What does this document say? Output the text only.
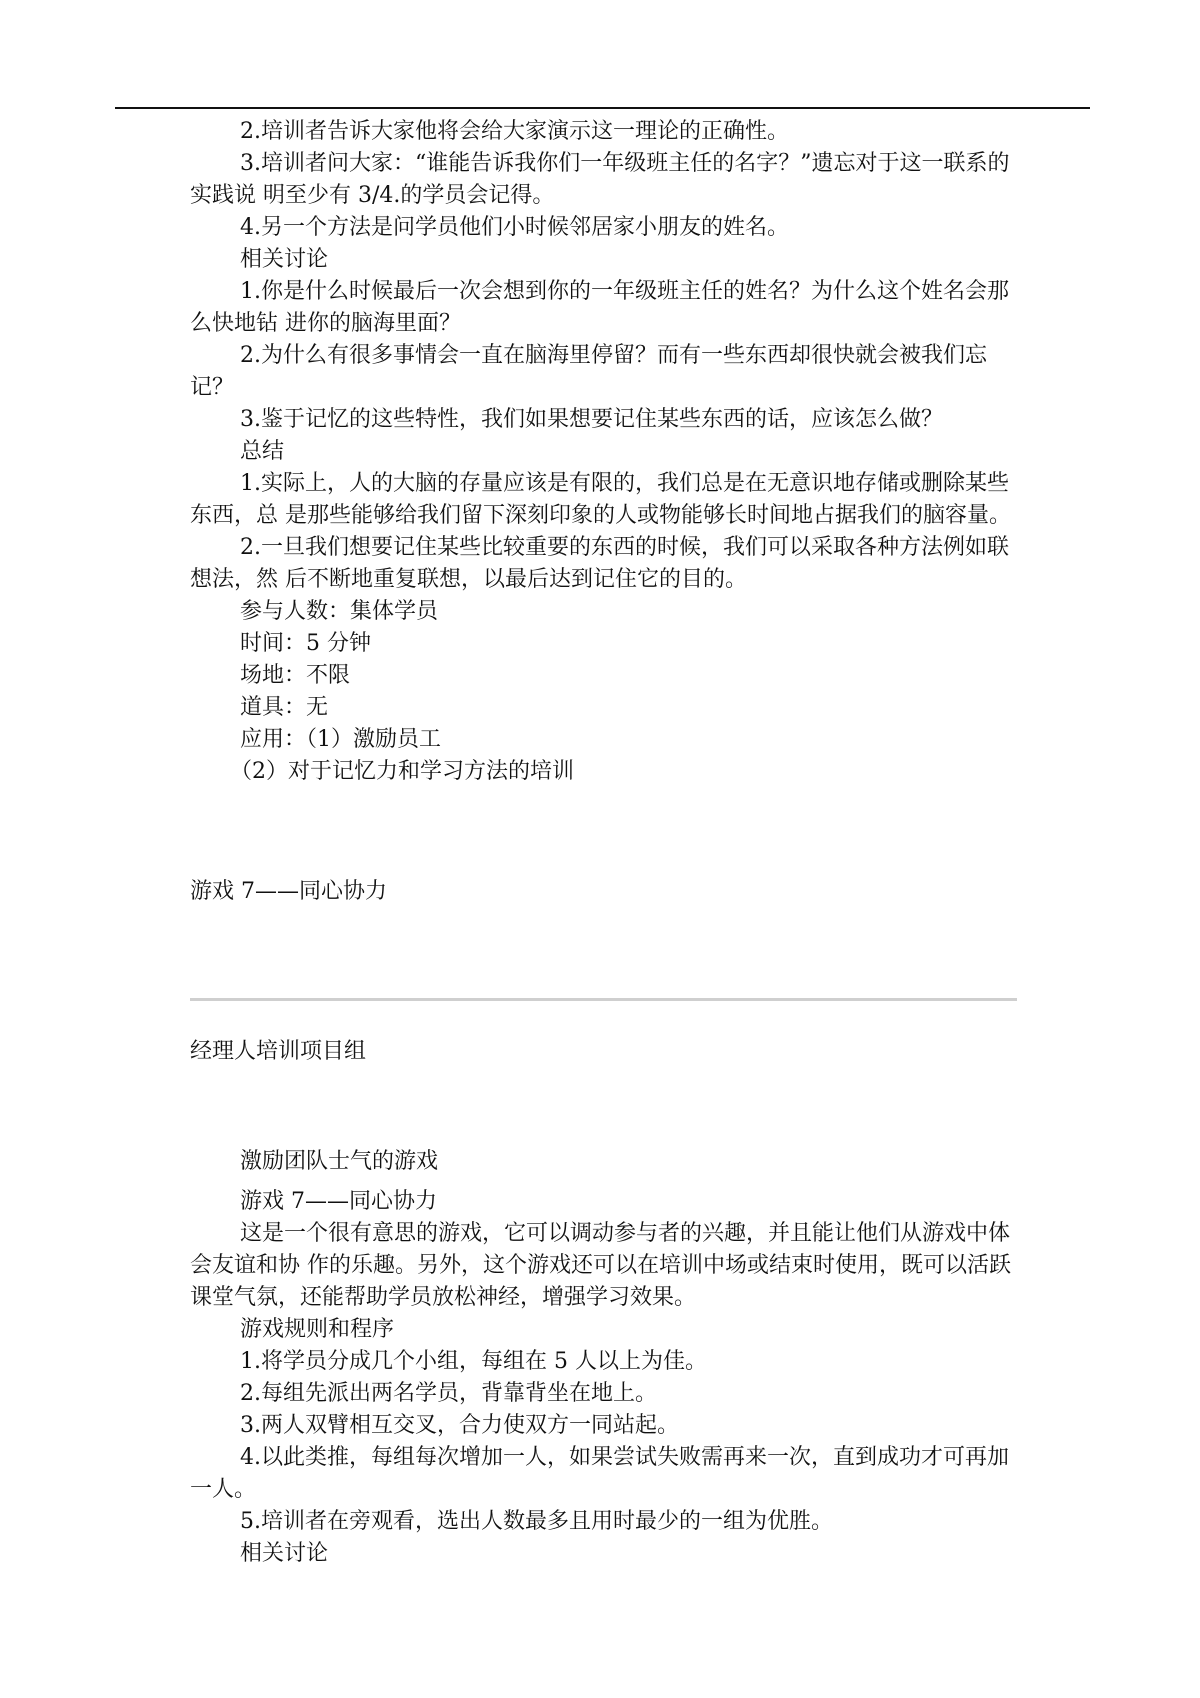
2.培训者告诉大家他将会给大家演示这一理论的正确性。

3.培训者问大家：“谁能告诉我你们一年级班主任的名字？”遗忘对于这一联系的实践说 明至少有 3/4.的学员会记得。

4.另一个方法是问学员他们小时候邻居家小朋友的姓名。

相关讨论

1.你是什么时候最后一次会想到你的一年级班主任的姓名？为什么这个姓名会那么快地钻 进你的脑海里面？

2.为什么有很多事情会一直在脑海里停留？而有一些东西却很快就会被我们忘记？

3.鉴于记忆的这些特性，我们如果想要记住某些东西的话，应该怎么做？

总结

1.实际上，人的大脑的存量应该是有限的，我们总是在无意识地存储或删除某些东西，总 是那些能够给我们留下深刻印象的人或物能够长时间地占据我们的脑容量。

2.一旦我们想要记住某些比较重要的东西的时候，我们可以采取各种方法例如联想法，然 后不断地重复联想，以最后达到记住它的目的。

参与人数：集体学员

时间：5 分钟

场地：不限

道具：无

应用：（1）激励员工

（2）对于记忆力和学习方法的培训

游戏 7——同心协力

经理人培训项目组

激励团队士气的游戏

游戏 7——同心协力

这是一个很有意思的游戏，它可以调动参与者的兴趣，并且能让他们从游戏中体会友谊和协 作的乐趣。另外，这个游戏还可以在培训中场或结束时使用，既可以活跃课堂气氛，还能帮助学员放松神经，增强学习效果。

游戏规则和程序

1.将学员分成几个小组，每组在 5 人以上为佳。

2.每组先派出两名学员，背靠背坐在地上。

3.两人双臂相互交叉，合力使双方一同站起。

4.以此类推，每组每次增加一人，如果尝试失败需再来一次，直到成功才可再加一人。

5.培训者在旁观看，选出人数最多且用时最少的一组为优胜。

相关讨论
